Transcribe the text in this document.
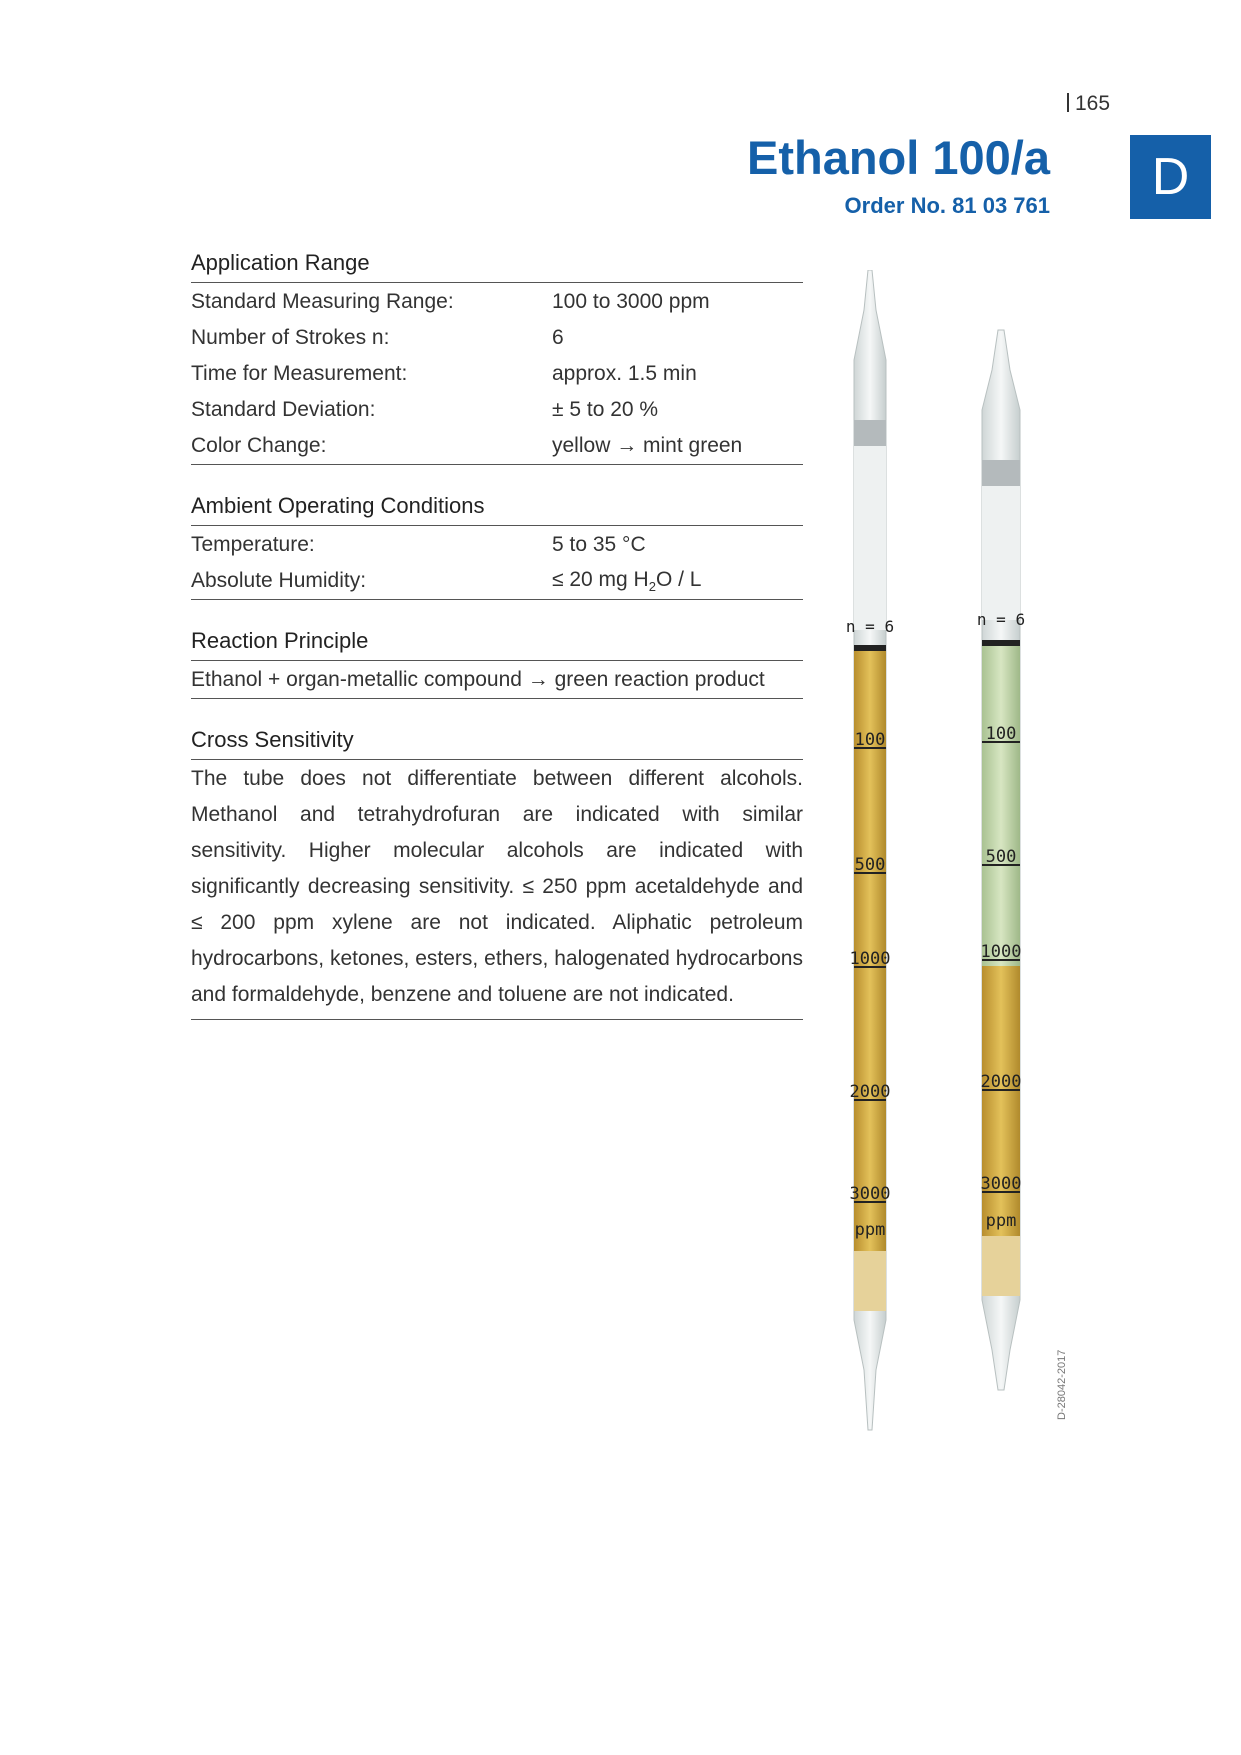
165
Ethanol 100/a
Order No. 81 03 761	D
Application Range
Standard Measuring Range:	100 to 3000 ppm
Number of Strokes n:	6
Time for Measurement:	approx. 1.5 min
Standard Deviation:	± 5 to 20 %
Color Change:	yellow → mint green
Ambient Operating Conditions
Temperature:	5 to 35 °C
Absolute Humidity:	≤ 20 mg $H_2O$ / L
Reaction Principle
Ethanol + organ-metallic compound → green reaction product
Cross Sensitivity
The tube does not differentiate between different alcohols. Methanol and tetrahydrofuran are indicated with similar sensitivity. Higher molecular alcohols are indicated with significantly decreasing sensitivity. ≤ 250 ppm acetaldehyde and ≤ 200 ppm xylene are not indicated. Aliphatic petroleum hydrocarbons, ketones, esters, ethers, halogenated hydrocarbons and formaldehyde, benzene and toluene are not indicated.
n = 6
100
500
1000
2000
3000
ppm
n = 6
100
500
1000
2000
3000
ppm
D-28042-2017
